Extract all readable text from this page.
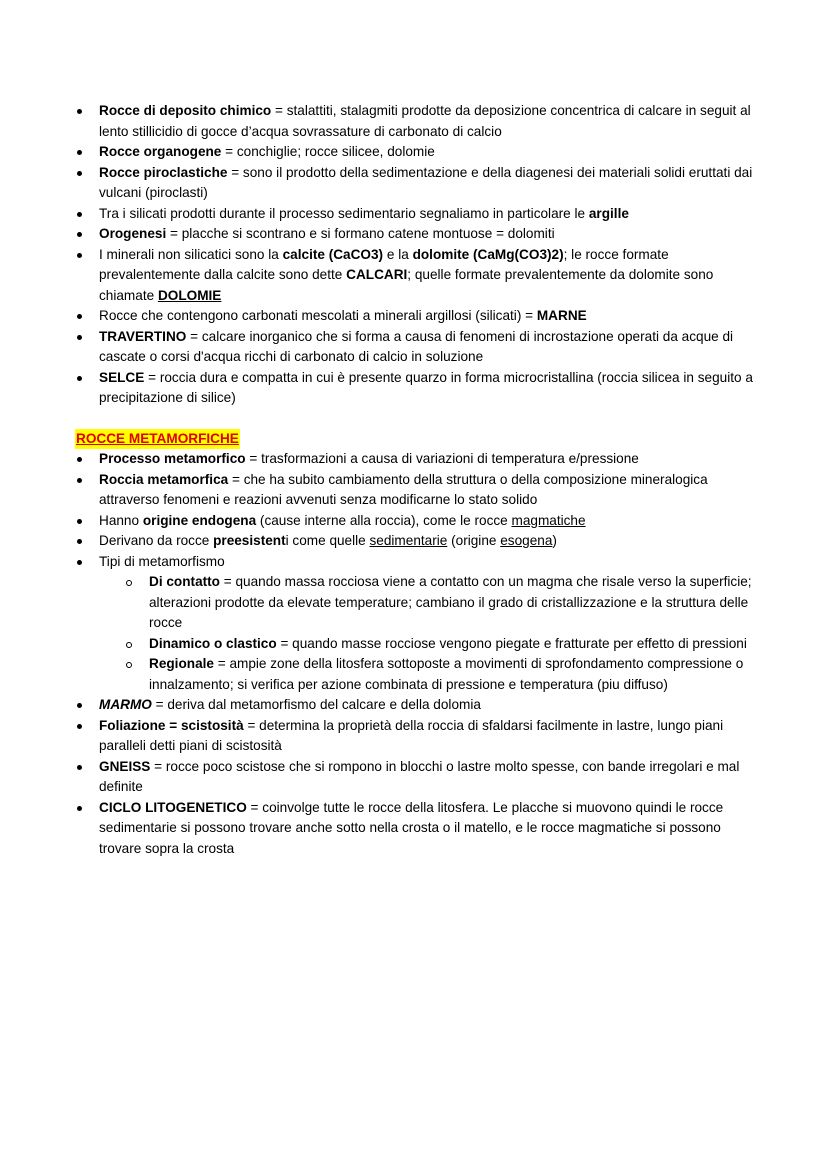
Rocce di deposito chimico = stalattiti, stalagmiti prodotte da deposizione concentrica di calcare in seguit al lento stillicidio di gocce d’acqua sovrassature di carbonato di calcio
Rocce organogene = conchiglie; rocce silicee, dolomie
Rocce piroclastiche = sono il prodotto della sedimentazione e della diagenesi dei materiali solidi eruttati dai vulcani (piroclasti)
Tra i silicati prodotti durante il processo sedimentario segnaliamo in particolare le argille
Orogenesi = placche si scontrano e si formano catene montuose = dolomiti
I minerali non silicatici sono la calcite (CaCO3) e la dolomite (CaMg(CO3)2); le rocce formate prevalentemente dalla calcite sono dette CALCARI; quelle formate prevalentemente da dolomite sono chiamate DOLOMIE
Rocce che contengono carbonati mescolati a minerali argillosi (silicati) = MARNE
TRAVERTINO = calcare inorganico che si forma a causa di fenomeni di incrostazione operati da acque di cascate o corsi d'acqua ricchi di carbonato di calcio in soluzione
SELCE = roccia dura e compatta in cui è presente quarzo in forma microcristallina (roccia silicea in seguito a precipitazione di silice)
ROCCE METAMORFICHE
Processo metamorfico = trasformazioni a causa di variazioni di temperatura e/pressione
Roccia metamorfica = che ha subito cambiamento della struttura o della composizione mineralogica attraverso fenomeni e reazioni avvenuti senza modificarne lo stato solido
Hanno origine endogena (cause interne alla roccia), come le rocce magmatiche
Derivano da rocce preesistenti come quelle sedimentarie (origine esogena)
Tipi di metamorfismo
Di contatto = quando massa rocciosa viene a contatto con un magma che risale verso la superficie; alterazioni prodotte da elevate temperature; cambiano il grado di cristallizzazione e la struttura delle rocce
Dinamico o clastico = quando masse rocciose vengono piegate e fratturate per effetto di pressioni
Regionale = ampie zone della litosfera sottoposte a movimenti di sprofondamento compressione o innalzamento; si verifica per azione combinata di pressione e temperatura (piu diffuso)
MARMO = deriva dal metamorfismo del calcare e della dolomia
Foliazione = scistosità = determina la proprietà della roccia di sfaldarsi facilmente in lastre, lungo piani paralleli detti piani di scistosità
GNEISS = rocce poco scistose che si rompono in blocchi o lastre molto spesse, con bande irregolari e mal definite
CICLO LITOGENETICO = coinvolge tutte le rocce della litosfera. Le placche si muovono quindi le rocce sedimentarie si possono trovare anche sotto nella crosta o il matello, e le rocce magmatiche si possono trovare sopra la crosta
